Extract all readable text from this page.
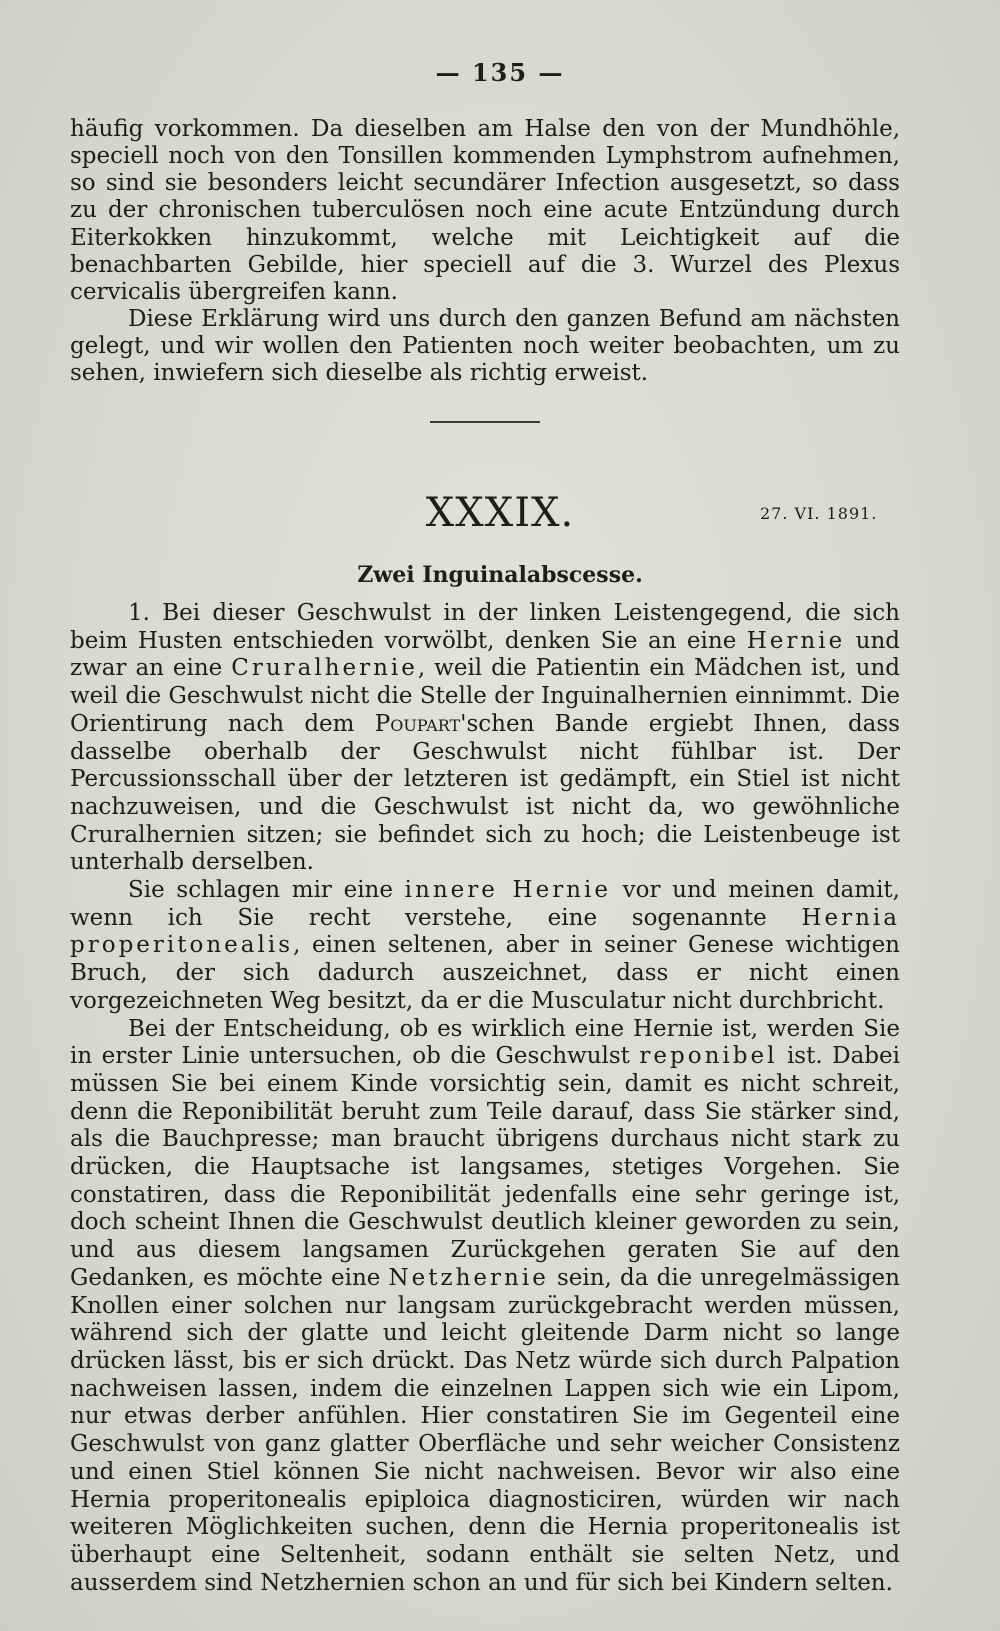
— 135 —

häufig vorkommen. Da dieselben am Halse den von der Mundhöhle, speciell noch von den Tonsillen kommenden Lymphstrom aufnehmen, so sind sie besonders leicht secundärer Infection ausgesetzt, so dass zu der chronischen tuberculösen noch eine acute Entzündung durch Eiterkokken hinzukommt, welche mit Leichtigkeit auf die benachbarten Gebilde, hier speciell auf die 3. Wurzel des Plexus cervicalis übergreifen kann.

Diese Erklärung wird uns durch den ganzen Befund am nächsten gelegt, und wir wollen den Patienten noch weiter beobachten, um zu sehen, inwiefern sich dieselbe als richtig erweist.

XXXIX.	27. VI. 1891.
Zwei Inguinalabscesse.

1. Bei dieser Geschwulst in der linken Leistengegend, die sich beim Husten entschieden vorwölbt, denken Sie an eine Hernie und zwar an eine Cruralhernie, weil die Patientin ein Mädchen ist, und weil die Geschwulst nicht die Stelle der Inguinalhernien einnimmt. Die Orientirung nach dem Poupart'schen Bande ergiebt Ihnen, dass dasselbe oberhalb der Geschwulst nicht fühlbar ist. Der Percussionsschall über der letzteren ist gedämpft, ein Stiel ist nicht nachzuweisen, und die Geschwulst ist nicht da, wo gewöhnliche Cruralhernien sitzen; sie befindet sich zu hoch; die Leistenbeuge ist unterhalb derselben.

Sie schlagen mir eine innere Hernie vor und meinen damit, wenn ich Sie recht verstehe, eine sogenannte Hernia properitonealis, einen seltenen, aber in seiner Genese wichtigen Bruch, der sich dadurch auszeichnet, dass er nicht einen vorgezeichneten Weg besitzt, da er die Musculatur nicht durchbricht.

Bei der Entscheidung, ob es wirklich eine Hernie ist, werden Sie in erster Linie untersuchen, ob die Geschwulst reponibel ist. Dabei müssen Sie bei einem Kinde vorsichtig sein, damit es nicht schreit, denn die Reponibilität beruht zum Teile darauf, dass Sie stärker sind, als die Bauchpresse; man braucht übrigens durchaus nicht stark zu drücken, die Hauptsache ist langsames, stetiges Vorgehen. Sie constatiren, dass die Reponibilität jedenfalls eine sehr geringe ist, doch scheint Ihnen die Geschwulst deutlich kleiner geworden zu sein, und aus diesem langsamen Zurückgehen geraten Sie auf den Gedanken, es möchte eine Netzhernie sein, da die unregelmässigen Knollen einer solchen nur langsam zurückgebracht werden müssen, während sich der glatte und leicht gleitende Darm nicht so lange drücken lässt, bis er sich drückt. Das Netz würde sich durch Palpation nachweisen lassen, indem die einzelnen Lappen sich wie ein Lipom, nur etwas derber anfühlen. Hier constatiren Sie im Gegenteil eine Geschwulst von ganz glatter Oberfläche und sehr weicher Consistenz und einen Stiel können Sie nicht nachweisen. Bevor wir also eine Hernia properitonealis epiploica diagnosticiren, würden wir nach weiteren Möglichkeiten suchen, denn die Hernia properitonealis ist überhaupt eine Seltenheit, sodann enthält sie selten Netz, und ausserdem sind Netzhernien schon an und für sich bei Kindern selten.
